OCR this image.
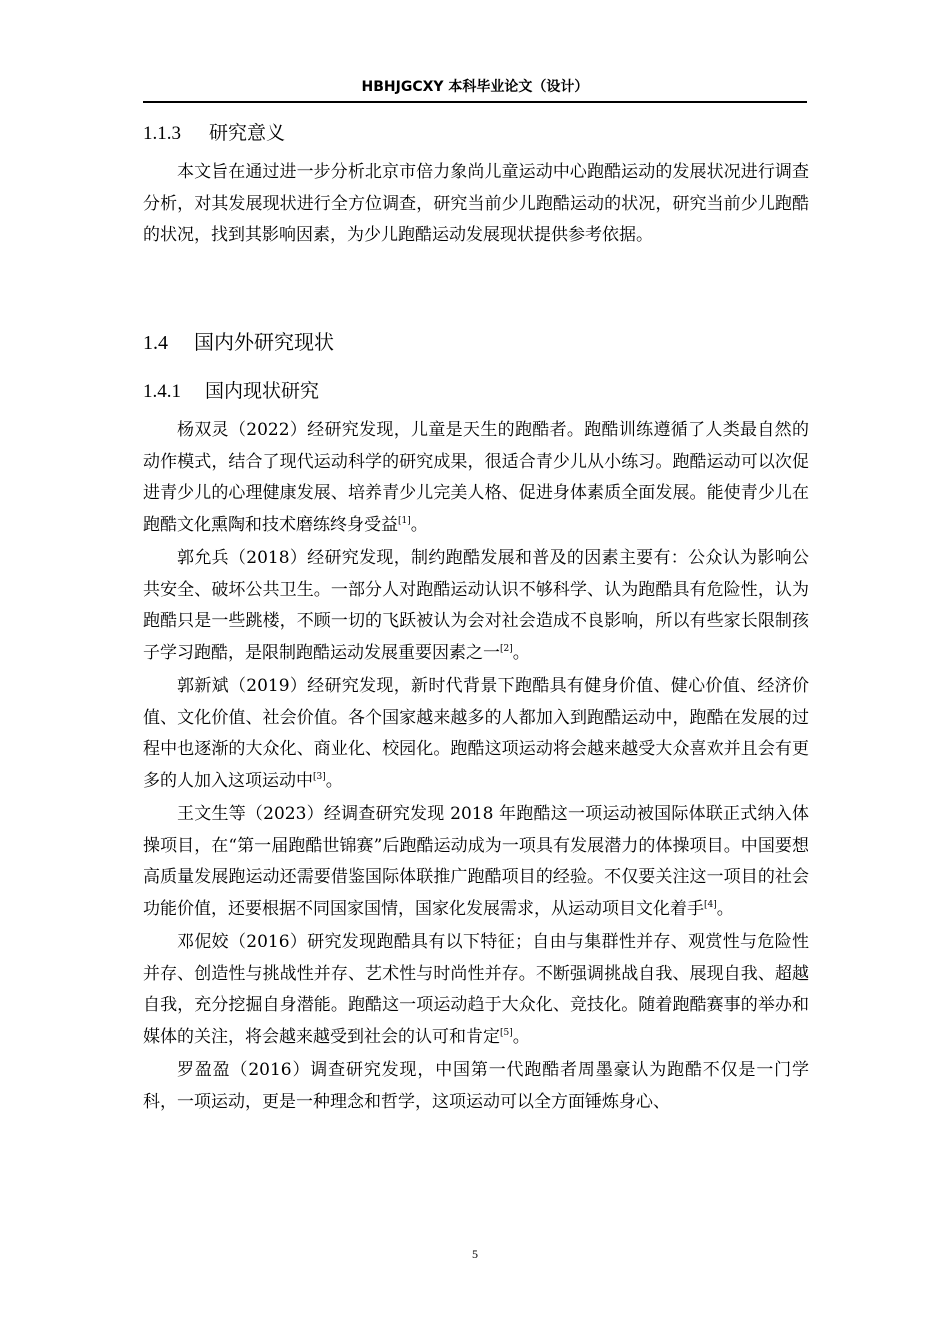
HBHJGCXY 本科毕业论文（设计）
1.1.3 研究意义

本文旨在通过进一步分析北京市倍力象尚儿童运动中心跑酷运动的发展状况进行调查分析，对其发展现状进行全方位调查，研究当前少儿跑酷运动的状况，研究当前少儿跑酷的状况，找到其影响因素，为少儿跑酷运动发展现状提供参考依据。

1.4 国内外研究现状
1.4.1 国内现状研究

杨双灵（2022）经研究发现，儿童是天生的跑酷者。跑酷训练遵循了人类最自然的动作模式，结合了现代运动科学的研究成果，很适合青少儿从小练习。跑酷运动可以次促进青少儿的心理健康发展、培养青少儿完美人格、促进身体素质全面发展。能使青少儿在跑酷文化熏陶和技术磨练终身受益[1]。

郭允兵（2018）经研究发现，制约跑酷发展和普及的因素主要有：公众认为影响公共安全、破坏公共卫生。一部分人对跑酷运动认识不够科学、认为跑酷具有危险性，认为跑酷只是一些跳楼，不顾一切的飞跃被认为会对社会造成不良影响，所以有些家长限制孩子学习跑酷，是限制跑酷运动发展重要因素之一[2]。

郭新斌（2019）经研究发现，新时代背景下跑酷具有健身价值、健心价值、经济价值、文化价值、社会价值。各个国家越来越多的人都加入到跑酷运动中，跑酷在发展的过程中也逐渐的大众化、商业化、校园化。跑酷这项运动将会越来越受大众喜欢并且会有更多的人加入这项运动中[3]。

王文生等（2023）经调查研究发现 2018 年跑酷这一项运动被国际体联正式纳入体操项目，在“第一届跑酷世锦赛”后跑酷运动成为一项具有发展潜力的体操项目。中国要想高质量发展跑运动还需要借鉴国际体联推广跑酷项目的经验。不仅要关注这一项目的社会功能价值，还要根据不同国家国情，国家化发展需求，从运动项目文化着手[4]。

邓伲姣（2016）研究发现跑酷具有以下特征；自由与集群性并存、观赏性与危险性并存、创造性与挑战性并存、艺术性与时尚性并存。不断强调挑战自我、展现自我、超越自我，充分挖掘自身潜能。跑酷这一项运动趋于大众化、竞技化。随着跑酷赛事的举办和媒体的关注，将会越来越受到社会的认可和肯定[5]。

罗盈盈（2016）调查研究发现，中国第一代跑酷者周墨豪认为跑酷不仅是一门学科，一项运动，更是一种理念和哲学，这项运动可以全方面锤炼身心、

5
